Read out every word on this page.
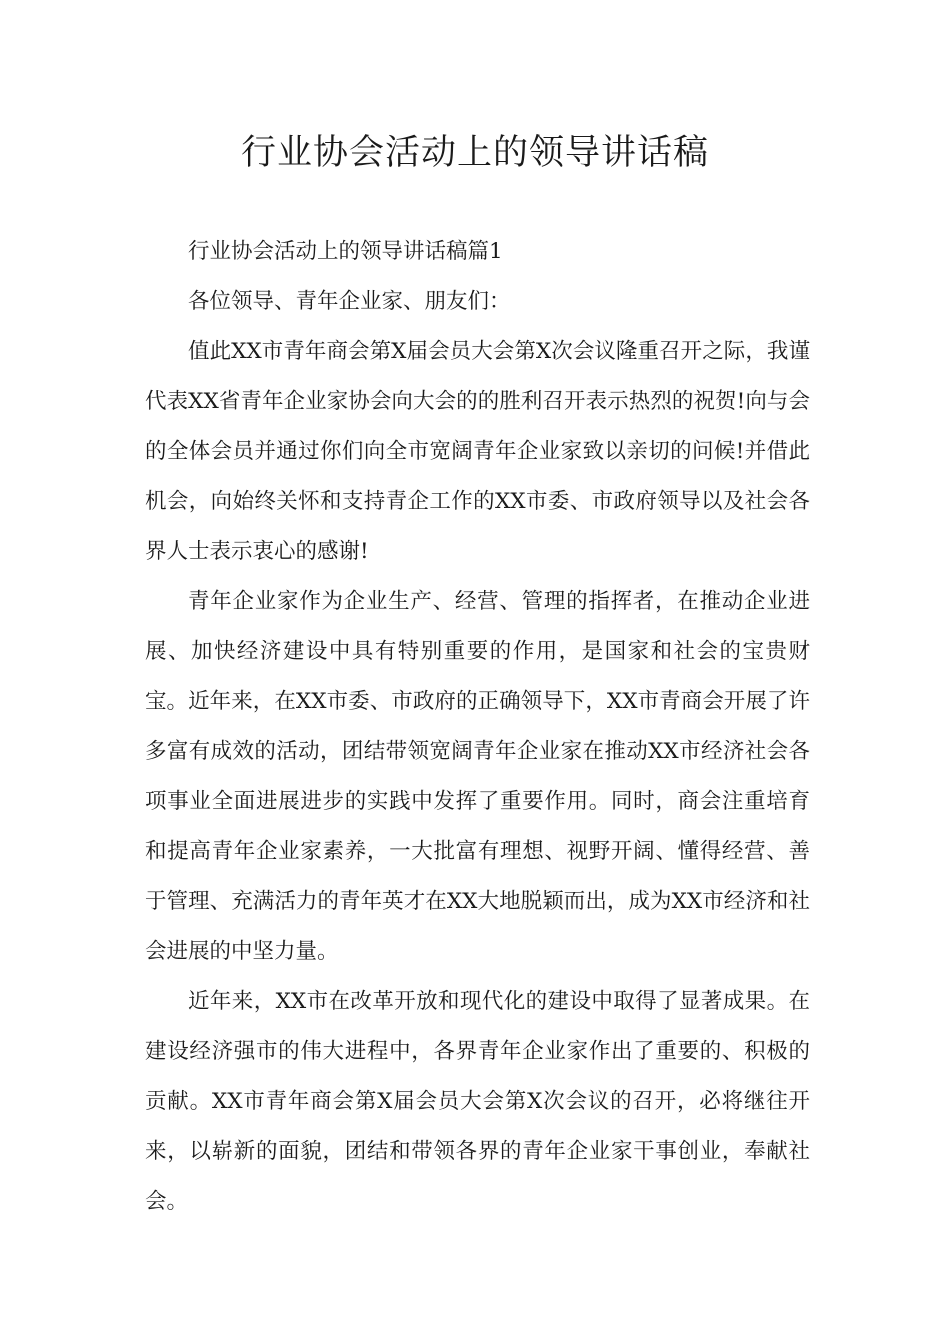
行业协会活动上的领导讲话稿

行业协会活动上的领导讲话稿篇1

各位领导、青年企业家、朋友们：

值此XX市青年商会第X届会员大会第X次会议隆重召开之际，我谨代表XX省青年企业家协会向大会的的胜利召开表示热烈的祝贺!向与会的全体会员并通过你们向全市宽阔青年企业家致以亲切的问候!并借此机会，向始终关怀和支持青企工作的XX市委、市政府领导以及社会各界人士表示衷心的感谢!

青年企业家作为企业生产、经营、管理的指挥者，在推动企业进展、加快经济建设中具有特别重要的作用，是国家和社会的宝贵财宝。近年来，在XX市委、市政府的正确领导下，XX市青商会开展了许多富有成效的活动，团结带领宽阔青年企业家在推动XX市经济社会各项事业全面进展进步的实践中发挥了重要作用。同时，商会注重培育和提高青年企业家素养，一大批富有理想、视野开阔、懂得经营、善于管理、充满活力的青年英才在XX大地脱颖而出，成为XX市经济和社会进展的中坚力量。

近年来，XX市在改革开放和现代化的建设中取得了显著成果。在建设经济强市的伟大进程中，各界青年企业家作出了重要的、积极的贡献。XX市青年商会第X届会员大会第X次会议的召开，必将继往开来，以崭新的面貌，团结和带领各界的青年企业家干事创业，奉献社会。
